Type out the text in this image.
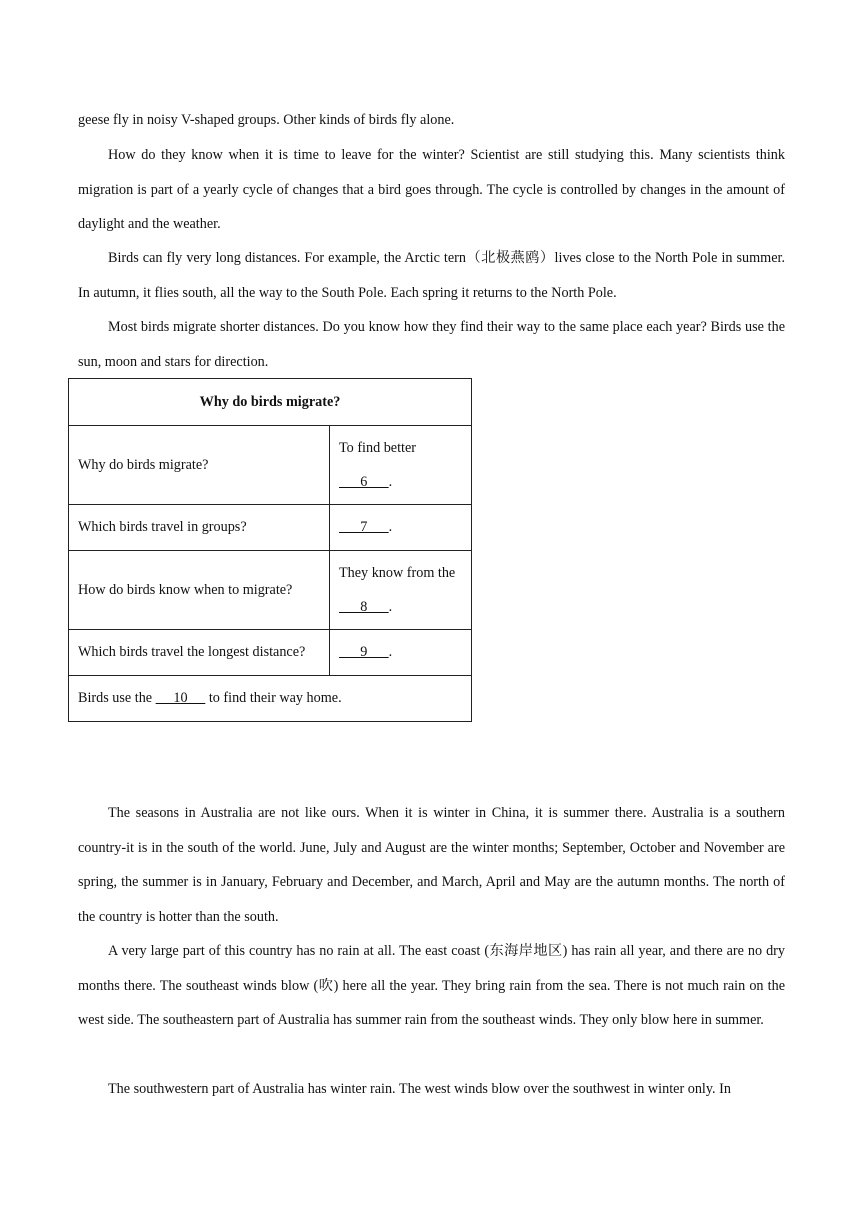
geese fly in noisy V-shaped groups. Other kinds of birds fly alone.

How do they know when it is time to leave for the winter? Scientist are still studying this. Many scientists think migration is part of a yearly cycle of changes that a bird goes through. The cycle is controlled by changes in the amount of daylight and the weather.

Birds can fly very long distances. For example, the Arctic tern（北极燕鸥）lives close to the North Pole in summer. In autumn, it flies south, all the way to the South Pole. Each spring it returns to the North Pole.

Most birds migrate shorter distances. Do you know how they find their way to the same place each year? Birds use the sun, moon and stars for direction.

Why do birds migrate?	
Why do birds migrate?	To find better
6      .
Which birds travel in groups?	7      .
How do birds know when to migrate?	They know from the
8      .
Which birds travel the longest distance?	9      .
Birds use the      10      to find their way home.	

The seasons in Australia are not like ours. When it is winter in China, it is summer there. Australia is a southern country-it is in the south of the world. June, July and August are the winter months; September, October and November are spring, the summer is in January, February and December, and March, April and May are the autumn months. The north of the country is hotter than the south.

A very large part of this country has no rain at all. The east coast (东海岸地区) has rain all year, and there are no dry months there. The southeast winds blow (吹) here all the year. They bring rain from the sea. There is not much rain on the west side. The southeastern part of Australia has summer rain from the southeast winds. They only blow here in summer.

The southwestern part of Australia has winter rain. The west winds blow over the southwest in winter only. In
